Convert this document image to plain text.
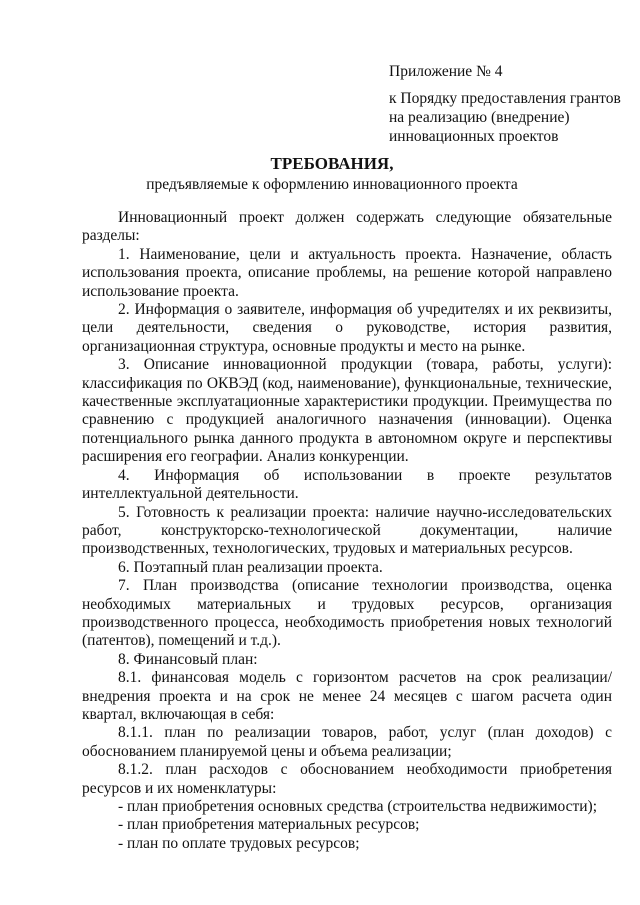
Приложение № 4
к Порядку предоставления грантов
на реализацию (внедрение)
инновационных проектов
ТРЕБОВАНИЯ,
предъявляемые к оформлению инновационного проекта

Инновационный проект должен содержать следующие обязательные разделы:

1. Наименование, цели и актуальность проекта. Назначение, область использования проекта, описание проблемы, на решение которой направлено использование проекта.

2. Информация о заявителе, информация об учредителях и их реквизиты, цели деятельности, сведения о руководстве, история развития, организационная структура, основные продукты и место на рынке.

3. Описание инновационной продукции (товара, работы, услуги): классификация по ОКВЭД (код, наименование), функциональные, технические, качественные эксплуатационные характеристики продукции. Преимущества по сравнению с продукцией аналогичного назначения (инновации). Оценка потенциального рынка данного продукта в автономном округе и перспективы расширения его географии. Анализ конкуренции.

4. Информация об использовании в проекте результатов интеллектуальной деятельности.

5. Готовность к реализации проекта: наличие научно-исследовательских работ, конструкторско-технологической документации, наличие производственных, технологических, трудовых и материальных ресурсов.

6. Поэтапный план реализации проекта.

7. План производства (описание технологии производства, оценка необходимых материальных и трудовых ресурсов, организация производственного процесса, необходимость приобретения новых технологий (патентов), помещений и т.д.).

8. Финансовый план:

8.1. финансовая модель с горизонтом расчетов на срок реализации/внедрения проекта и на срок не менее 24 месяцев с шагом расчета один квартал, включающая в себя:

8.1.1. план по реализации товаров, работ, услуг (план доходов) с обоснованием планируемой цены и объема реализации;

8.1.2. план расходов с обоснованием необходимости приобретения ресурсов и их номенклатуры:

- план приобретения основных средства (строительства недвижимости);

- план приобретения материальных ресурсов;

- план по оплате трудовых ресурсов;
